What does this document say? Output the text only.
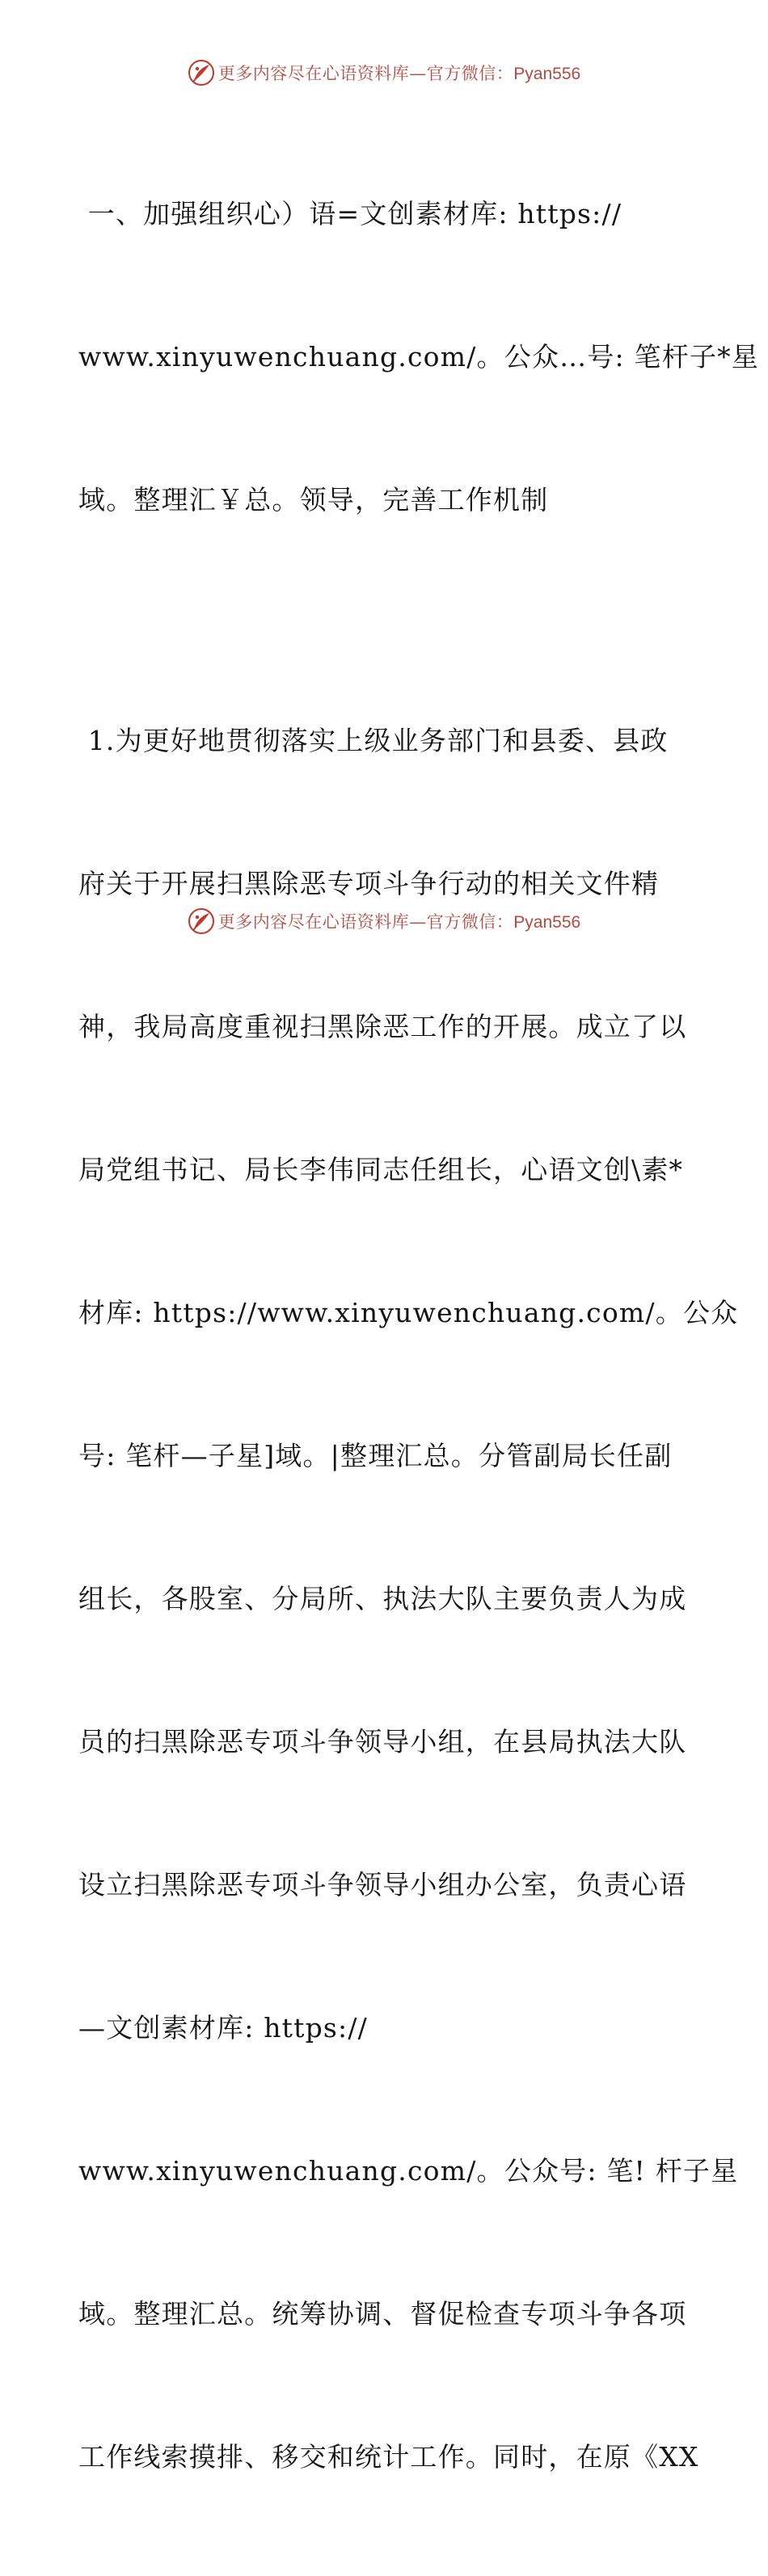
更多内容尽在心语资料库—官方微信：Pyan556

一、加强组织心）语=文创素材库: https://

www.xinyuwenchuang.com/。公众…号: 笔杆子*星

域。整理汇￥总。领导，完善工作机制

1.为更好地贯彻落实上级业务部门和县委、县政

府关于开展扫黑除恶专项斗争行动的相关文件精

神，我局高度重视扫黑除恶工作的开展。成立了以

局党组书记、局长李伟同志任组长，心语文创\素*

材库: https://www.xinyuwenchuang.com/。公众

号: 笔杆—子星]域。|整理汇总。分管副局长任副

组长，各股室、分局所、执法大队主要负责人为成

员的扫黑除恶专项斗争领导小组，在县局执法大队

设立扫黑除恶专项斗争领导小组办公室，负责心语

—文创素材库: https://

www.xinyuwenchuang.com/。公众号: 笔! 杆子星

域。整理汇总。统筹协调、督促检查专项斗争各项

工作线索摸排、移交和统计工作。同时，在原《XX

更多内容尽在心语资料库—官方微信：Pyan556
